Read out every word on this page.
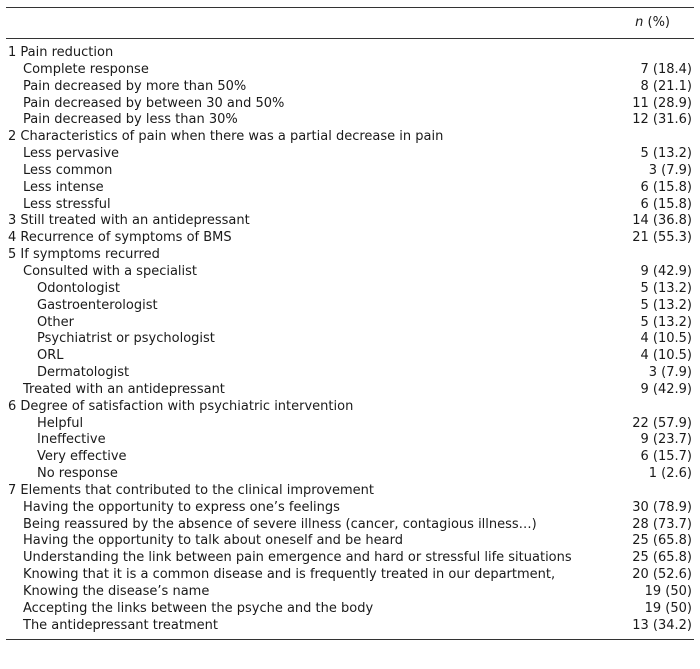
n (%)
1 Pain reduction
Complete response	7 (18.4)
Pain decreased by more than 50%	8 (21.1)
Pain decreased by between 30 and 50%	11 (28.9)
Pain decreased by less than 30%	12 (31.6)
2 Characteristics of pain when there was a partial decrease in pain
Less pervasive	5 (13.2)
Less common	3 (7.9)
Less intense	6 (15.8)
Less stressful	6 (15.8)
3 Still treated with an antidepressant	14 (36.8)
4 Recurrence of symptoms of BMS	21 (55.3)
5 If symptoms recurred
Consulted with a specialist	9 (42.9)
Odontologist	5 (13.2)
Gastroenterologist	5 (13.2)
Other	5 (13.2)
Psychiatrist or psychologist	4 (10.5)
ORL	4 (10.5)
Dermatologist	3 (7.9)
Treated with an antidepressant	9 (42.9)
6 Degree of satisfaction with psychiatric intervention
Helpful	22 (57.9)
Ineffective	9 (23.7)
Very effective	6 (15.7)
No response	1 (2.6)
7 Elements that contributed to the clinical improvement
Having the opportunity to express one’s feelings	30 (78.9)
Being reassured by the absence of severe illness (cancer, contagious illness…)	28 (73.7)
Having the opportunity to talk about oneself and be heard	25 (65.8)
Understanding the link between pain emergence and hard or stressful life situations	25 (65.8)
Knowing that it is a common disease and is frequently treated in our department,	20 (52.6)
Knowing the disease’s name	19 (50)
Accepting the links between the psyche and the body	19 (50)
The antidepressant treatment	13 (34.2)
